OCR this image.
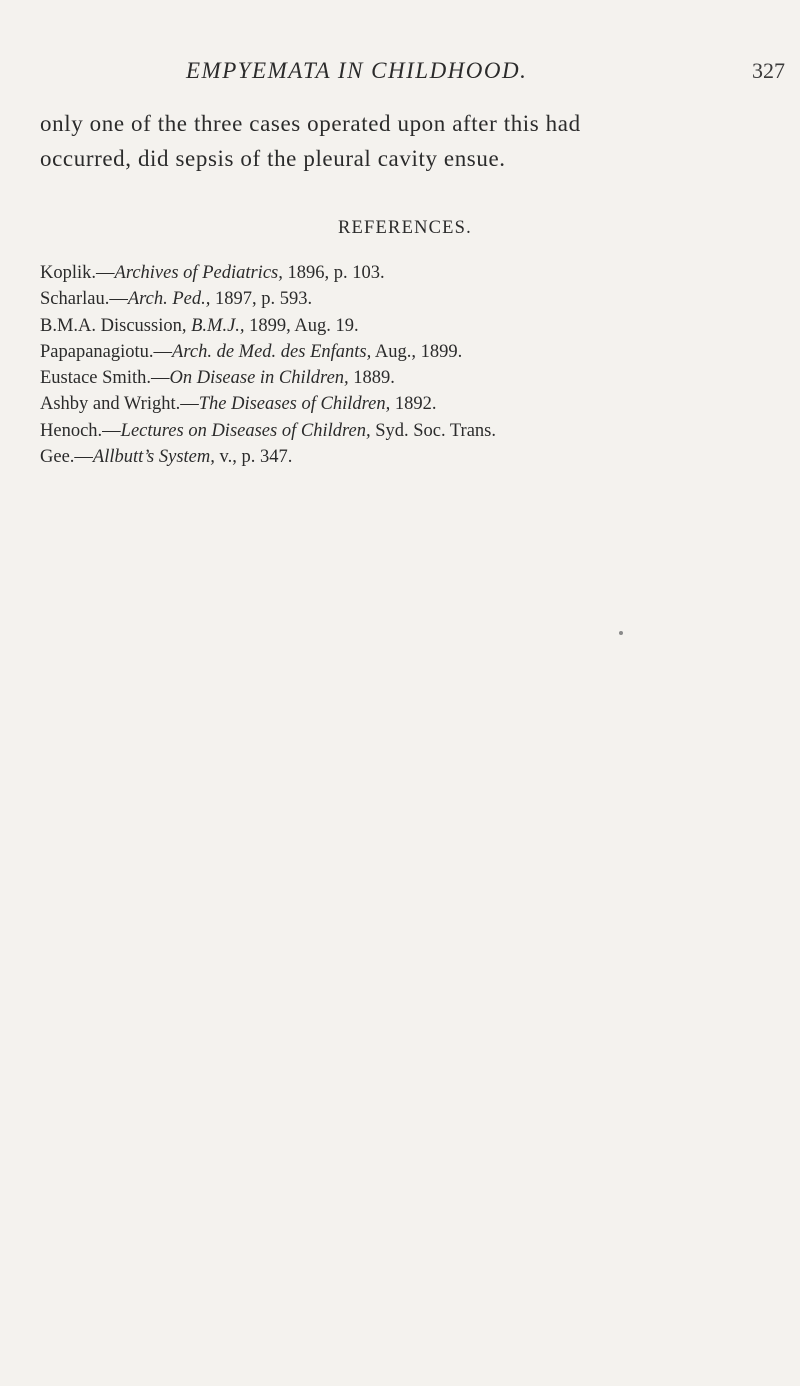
EMPYEMATA IN CHILDHOOD.	327
only one of the three cases operated upon after this had
occurred, did sepsis of the pleural cavity ensue.
REFERENCES.
Koplik.—Archives of Pediatrics, 1896, p. 103.
Scharlau.—Arch. Ped., 1897, p. 593.
B.M.A. Discussion, B.M.J., 1899, Aug. 19.
Papapanagiotu.—Arch. de Med. des Enfants, Aug., 1899.
Eustace Smith.—On Disease in Children, 1889.
Ashby and Wright.—The Diseases of Children, 1892.
Henoch.—Lectures on Diseases of Children, Syd. Soc. Trans.
Gee.—Allbutt’s System, v., p. 347.
